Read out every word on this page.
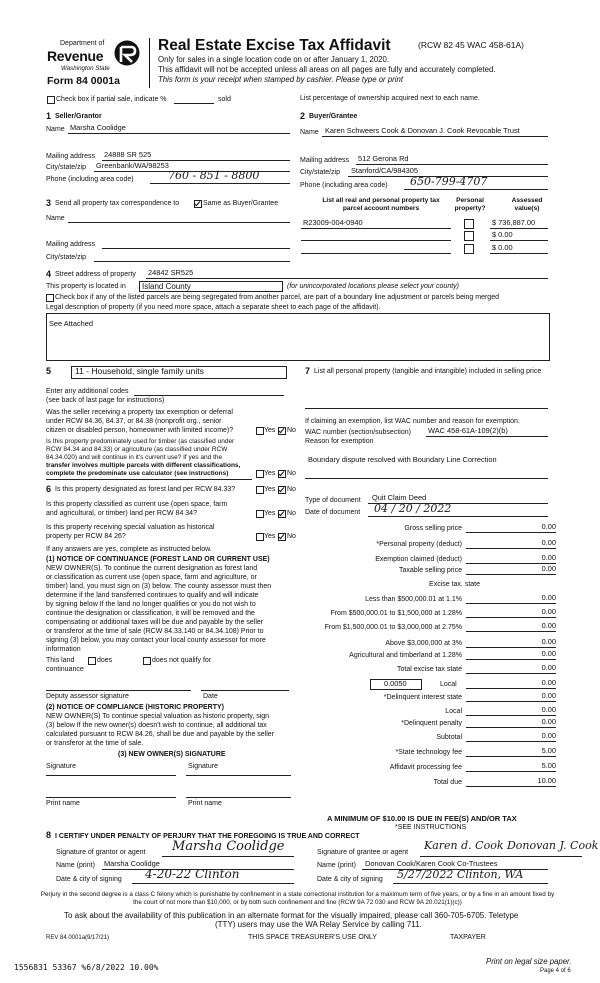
Department of
Revenue
Washington State
Form 84 0001a
Real Estate Excise Tax Affidavit	(RCW 82 45 WAC 458-61A)
Only for sales in a single location code on or after January 1, 2020.
This affidavit will not be accepted unless all areas on all pages are fully and accurately completed.
This form is your receipt when stamped by cashier. Please type or print
Check box if partial sale, indicate %	sold	List percentage of ownership acquired next to each name.
1 Seller/Grantor
Name Marsha Coolidge
Mailing address 24888 SR 525
City/state/zip Greenbank/WA/98253
Phone (including area code)	760 - 851 - 8800
2 Buyer/Grantee
Name Karen Schweers Cook & Donovan J. Cook Revocable Trust
Mailing address 512 Gerona Rd
City/state/zip Stanford/CA/984305
Phone (including area code) 650-799-4707
3 Send all property tax correspondence to	Same as Buyer/Grantee
Name
Mailing address
City/state/zip
List all real and personal property tax parcel account numbers
Personal property?
Assessed value(s)
R23009-004-0940	$ 736,887.00
$ 0.00
$ 0.00
4 Street address of property 24842 SR525
This property is located in Island County	(for unincorporated locations please select your county)
Check box if any of the listed parcels are being segregated from another parcel, are part of a boundary line adjustment or parcels being merged
Legal description of property (if you need more space, attach a separate sheet to each page of the affidavit).
See Attached
5	11 - Household, single family units
Enter any additional codes
(see back of last page for instructions)
Was the seller receiving a property tax exemption or deferral
under RCW 84.36, 84.37, or 84.38 (nonprofit org., senior
citizen or disabled person, homeowner with limited income)?	Yes No
Is this property predominately used for timber (as classified under
RCW 84.34 and 84.33) or agriculture (as classified under RCW
84.34.020) and will continue in it's current use? If yes and the
transfer involves multiple parcels with different classifications,
complete the predominate use calculator (see instructions)	Yes No
6 Is this property designated as forest land per RCW 84.33?	Yes No
Is this property classified as current use (open space, farm
and agricultural, or timber) land per RCW 84 34?	Yes No
Is this property receiving special valuation as historical
property per RCW 84 26?	Yes No
If any answers are yes, complete as instructed below.
(1) NOTICE OF CONTINUANCE (FOREST LAND OR CURRENT USE)
NEW OWNER(S). To continue the current designation as forest land
or classification as current use (open space, farm and agriculture, or
timber) land, you must sign on (3) below. The county assessor must then
determine if the land transferred continues to qualify and will indicate
by signing below If the land no longer qualifies or you do not wish to
continue the designation or classification, it will be removed and the
compensating or additional taxes will be due and payable by the seller
or transferor at the time of sale (RCW 84.33.140 or 84.34.108) Prior to
signing (3) below, you may contact your local county assessor for more
information
This land	does	does not qualify for
continuance
Deputy assessor signature	Date
(2) NOTICE OF COMPLIANCE (HISTORIC PROPERTY)
NEW OWNER(S) To continue special valuation as historic property, sign
(3) below If the new owner(s) doesn't wish to continue, all additional tax
calculated pursuant to RCW 84.26, shall be due and payable by the seller
or transferor at the time of sale.
(3) NEW OWNER(S) SIGNATURE
Signature	Signature
Print name	Print name
7 List all personal property (tangible and intangible) included in selling price
If claiming an exemption, list WAC number and reason for exemption.
WAC number (section/subsection) WAC 458-61A-109(2)(b)
Reason for exemption
Boundary dispute resolved with Boundary Line Correction
Type of document Quit Claim Deed
Date of document 04 / 20 / 2022
Gross selling price	0.00
*Personal property (deduct)	0.00
Exemption claimed (deduct)	0.00
Taxable selling price	0.00
Less than $500,000.01 at 1.1%	0.00
From $500,000.01 to $1,500,000 at 1.28%	0.00
From $1,500,000.01 to $3,000,000 at 2.75%	0.00
Above $3,000,000 at 3%	0.00
Agricultural and timberland at 1.28%	0.00
Total excise tax state	0.00
*Delinquent interest state	0.00
Local	0.00
*Delinquent penalty	0.00
Subtotal	0.00
*State technology fee	5.00
Affidavit processing fee	5.00
Total due	10.00
Excise tax. state
0.0050	Local	0.00
A MINIMUM OF $10.00 IS DUE IN FEE(S) AND/OR TAX
*SEE INSTRUCTIONS
8 I CERTIFY UNDER PENALTY OF PERJURY THAT THE FOREGOING IS TRUE AND CORRECT
Signature of grantor or agent Marsha Coolidge
Name (print) Marsha Coolidge
Date & city of signing 4-20-22 Clinton
Signature of grantee or agent
Karen d. Cook Donovan J. Cook
Name (print) Donovan Cook/Karen Cook Co-Trustees
Date & city of signing 5/27/2022 Clinton, WA
Perjury in the second degree is a class C felony which is punishable by confinement in a state correctional institution for a maximum term of five years, or by a fine in an amount fixed by the court of not more than $10,000, or by both such confinement and fine (RCW 9A 72 030 and RCW 9A 20.021(1)(c))
To ask about the availability of this publication in an alternate format for the visually impaired, please call 360-705-6705. Teletype
(TTY) users may use the WA Relay Service by calling 711.
REV 84 0001a(9/17/21)	THIS SPACE TREASURER'S USE ONLY	TAXPAYER
1556831 53367 %6/8/2022 10.00%
Print on legal size paper.
Page 4 of 6
